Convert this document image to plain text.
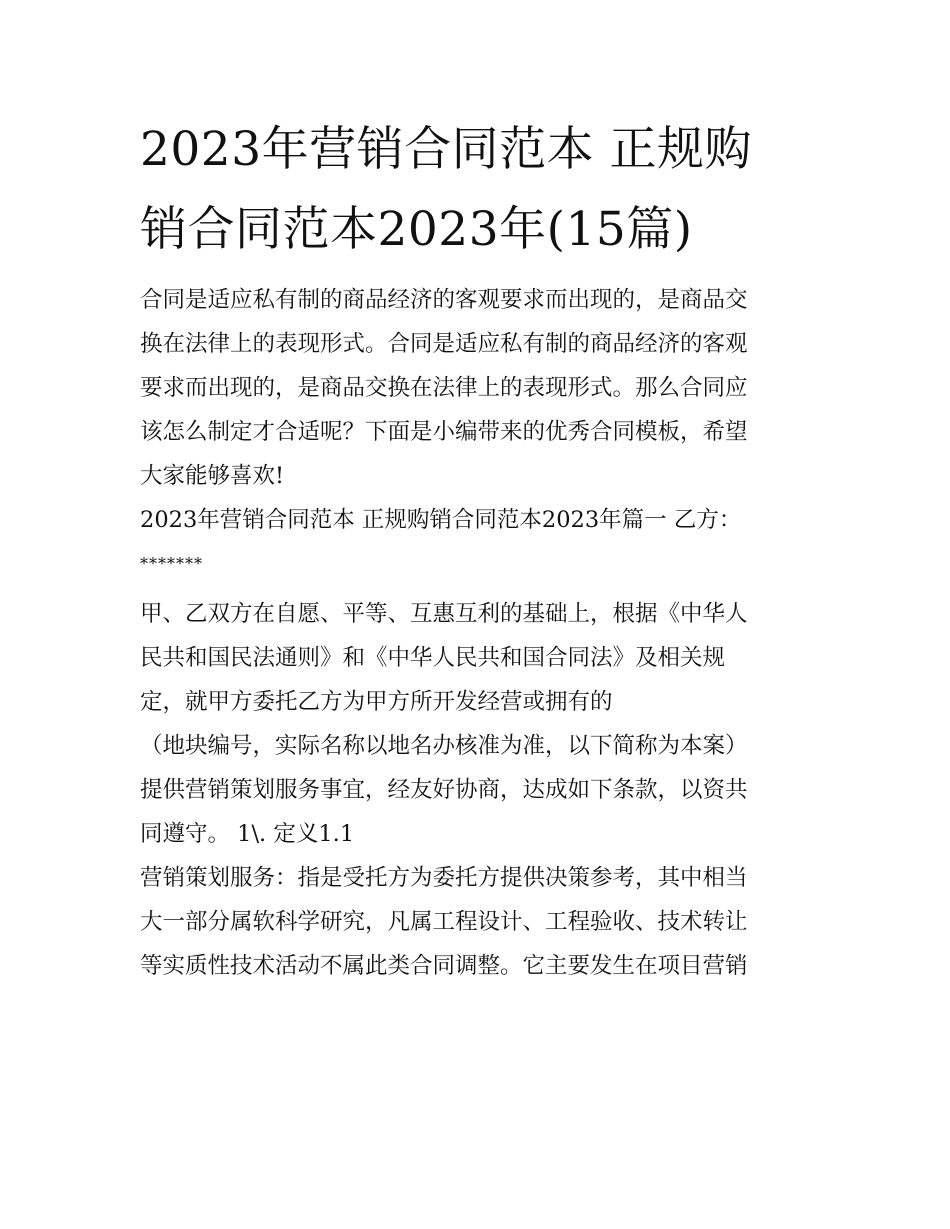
2023年营销合同范本 正规购
销合同范本2023年(15篇)

合同是适应私有制的商品经济的客观要求而出现的，是商品交
换在法律上的表现形式。合同是适应私有制的商品经济的客观
要求而出现的，是商品交换在法律上的表现形式。那么合同应
该怎么制定才合适呢？下面是小编带来的优秀合同模板，希望
大家能够喜欢!

2023年营销合同范本 正规购销合同范本2023年篇一 乙方：
*******

甲、乙双方在自愿、平等、互惠互利的基础上，根据《中华人
民共和国民法通则》和《中华人民共和国合同法》及相关规
定，就甲方委托乙方为甲方所开发经营或拥有的
（地块编号，实际名称以地名办核准为准，以下简称为本案）
提供营销策划服务事宜，经友好协商，达成如下条款，以资共
同遵守。 1\. 定义1.1

营销策划服务：指是受托方为委托方提供决策参考，其中相当
大一部分属软科学研究，凡属工程设计、工程验收、技术转让
等实质性技术活动不属此类合同调整。它主要发生在项目营销
